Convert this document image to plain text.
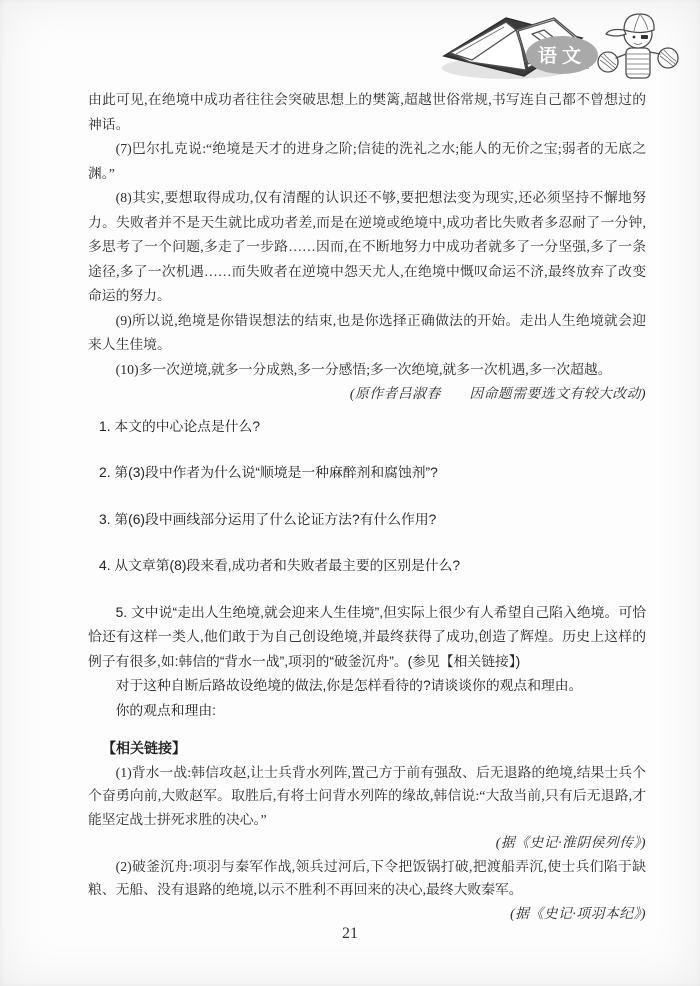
语文

由此可见,在绝境中成功者往往会突破思想上的樊篱,超越世俗常规,书写连自己都不曾想过的神话。

(7)巴尔扎克说:“绝境是天才的进身之阶;信徒的洗礼之水;能人的无价之宝;弱者的无底之渊。”

(8)其实,要想取得成功,仅有清醒的认识还不够,要把想法变为现实,还必须坚持不懈地努力。失败者并不是天生就比成功者差,而是在逆境或绝境中,成功者比失败者多忍耐了一分钟,多思考了一个问题,多走了一步路……因而,在不断地努力中成功者就多了一分坚强,多了一条途径,多了一次机遇……而失败者在逆境中怨天尤人,在绝境中慨叹命运不济,最终放弃了改变命运的努力。

(9)所以说,绝境是你错误想法的结束,也是你选择正确做法的开始。走出人生绝境就会迎来人生佳境。

(10)多一次逆境,就多一分成熟,多一分感悟;多一次绝境,就多一次机遇,多一次超越。

(原作者吕淑春　　因命题需要选文有较大改动)

1. 本文的中心论点是什么?

2. 第(3)段中作者为什么说“顺境是一种麻醉剂和腐蚀剂”?

3. 第(6)段中画线部分运用了什么论证方法?有什么作用?

4. 从文章第(8)段来看,成功者和失败者最主要的区别是什么?

5. 文中说“走出人生绝境,就会迎来人生佳境”,但实际上很少有人希望自己陷入绝境。可恰恰还有这样一类人,他们敢于为自己创设绝境,并最终获得了成功,创造了辉煌。历史上这样的例子有很多,如:韩信的“背水一战”,项羽的“破釜沉舟”。(参见【相关链接】)

对于这种自断后路故设绝境的做法,你是怎样看待的?请谈谈你的观点和理由。

你的观点和理由:

【相关链接】

(1)背水一战:韩信攻赵,让士兵背水列阵,置己方于前有强敌、后无退路的绝境,结果士兵个个奋勇向前,大败赵军。取胜后,有将士问背水列阵的缘故,韩信说:“大敌当前,只有后无退路,才能坚定战士拼死求胜的决心。”

(据《史记·淮阴侯列传》)

(2)破釜沉舟:项羽与秦军作战,领兵过河后,下令把饭锅打破,把渡船弄沉,使士兵们陷于缺粮、无船、没有退路的绝境,以示不胜利不再回来的决心,最终大败秦军。

(据《史记·项羽本纪》)

21
